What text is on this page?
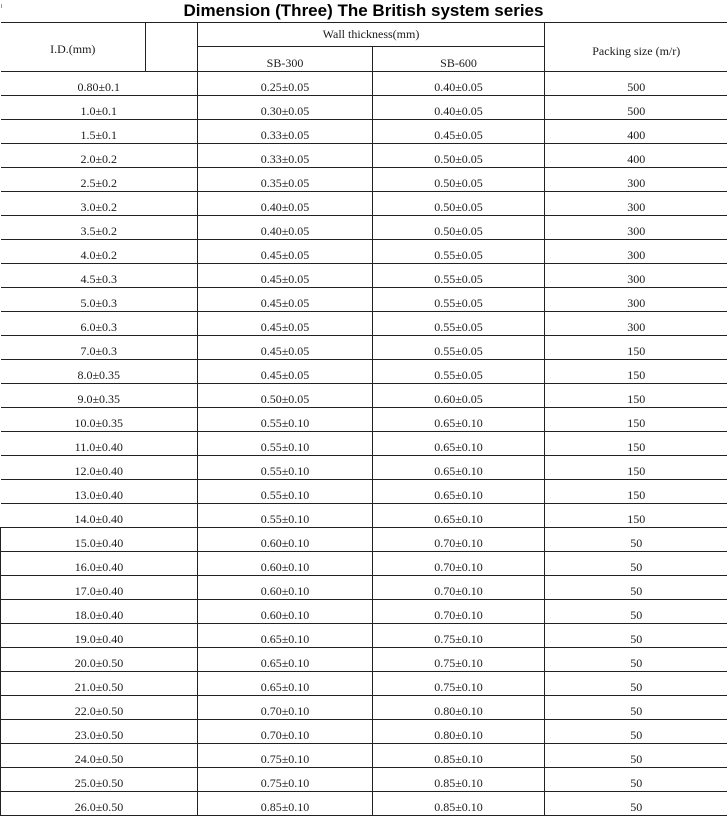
Dimension (Three) The British system series
I.D.(mm)		Wall thickness(mm)		Packing size (m/r)
		SB-300	SB-600	
0.80±0.1		0.25±0.05	0.40±0.05	500
1.0±0.1		0.30±0.05	0.40±0.05	500
1.5±0.1		0.33±0.05	0.45±0.05	400
2.0±0.2		0.33±0.05	0.50±0.05	400
2.5±0.2		0.35±0.05	0.50±0.05	300
3.0±0.2		0.40±0.05	0.50±0.05	300
3.5±0.2		0.40±0.05	0.50±0.05	300
4.0±0.2		0.45±0.05	0.55±0.05	300
4.5±0.3		0.45±0.05	0.55±0.05	300
5.0±0.3		0.45±0.05	0.55±0.05	300
6.0±0.3		0.45±0.05	0.55±0.05	300
7.0±0.3		0.45±0.05	0.55±0.05	150
8.0±0.35		0.45±0.05	0.55±0.05	150
9.0±0.35		0.50±0.05	0.60±0.05	150
10.0±0.35		0.55±0.10	0.65±0.10	150
11.0±0.40		0.55±0.10	0.65±0.10	150
12.0±0.40		0.55±0.10	0.65±0.10	150
13.0±0.40		0.55±0.10	0.65±0.10	150
14.0±0.40		0.55±0.10	0.65±0.10	150
15.0±0.40		0.60±0.10	0.70±0.10	50
16.0±0.40		0.60±0.10	0.70±0.10	50
17.0±0.40		0.60±0.10	0.70±0.10	50
18.0±0.40		0.60±0.10	0.70±0.10	50
19.0±0.40		0.65±0.10	0.75±0.10	50
20.0±0.50		0.65±0.10	0.75±0.10	50
21.0±0.50		0.65±0.10	0.75±0.10	50
22.0±0.50		0.70±0.10	0.80±0.10	50
23.0±0.50		0.70±0.10	0.80±0.10	50
24.0±0.50		0.75±0.10	0.85±0.10	50
25.0±0.50		0.75±0.10	0.85±0.10	50
26.0±0.50		0.85±0.10	0.85±0.10	50
